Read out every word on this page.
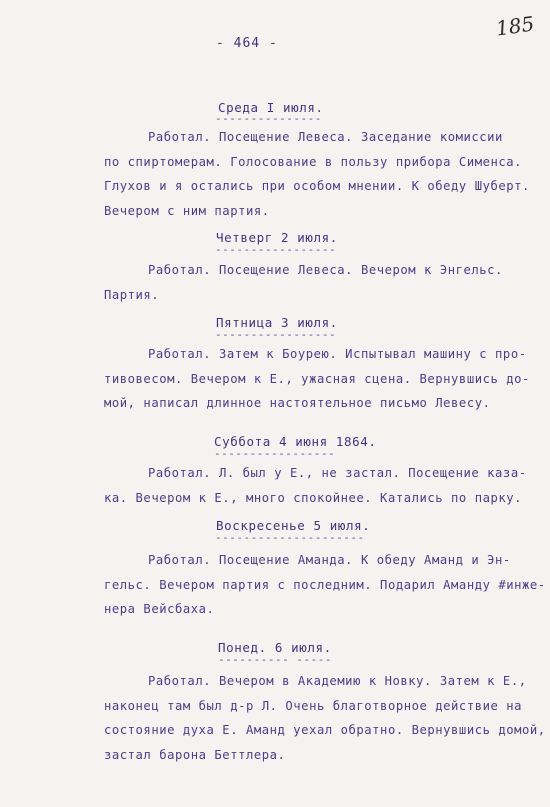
- 464 -
185
Среда I июля.
---------------
Работал. Посещение Левеса. Заседание комиссии
по спиртомерам. Голосование в пользу прибора Сименса.
Глухов и я остались при особом мнении. К обеду Шуберт.
Вечером с ним партия.
Четверг 2 июля.
-----------------
Работал. Посещение Левеса. Вечером к Энгельс.
Партия.
Пятница 3 июля.
-----------------
Работал. Затем к Боурею. Испытывал машину с про-
тивовесом. Вечером к Е., ужасная сцена. Вернувшись до-
мой, написал длинное настоятельное письмо Левесу.
Суббота 4 июня 1864.
-----------------
Работал. Л. был у Е., не застал. Посещение каза-
ка. Вечером к Е., много спокойнее. Катались по парку.
Воскресенье 5 июля.
---------------------
Работал. Посещение Аманда. К обеду Аманд и Эн-
гельс. Вечером партия с последним. Подарил Аманду #инже-
нера Вейсбаха.
Понед. 6 июля.
---------- -----
Работал. Вечером в Академию к Новку. Затем к Е.,
наконец там был д-р Л. Очень благотворное действие на
состояние духа Е. Аманд уехал обратно. Вернувшись домой,
застал барона Беттлера.
